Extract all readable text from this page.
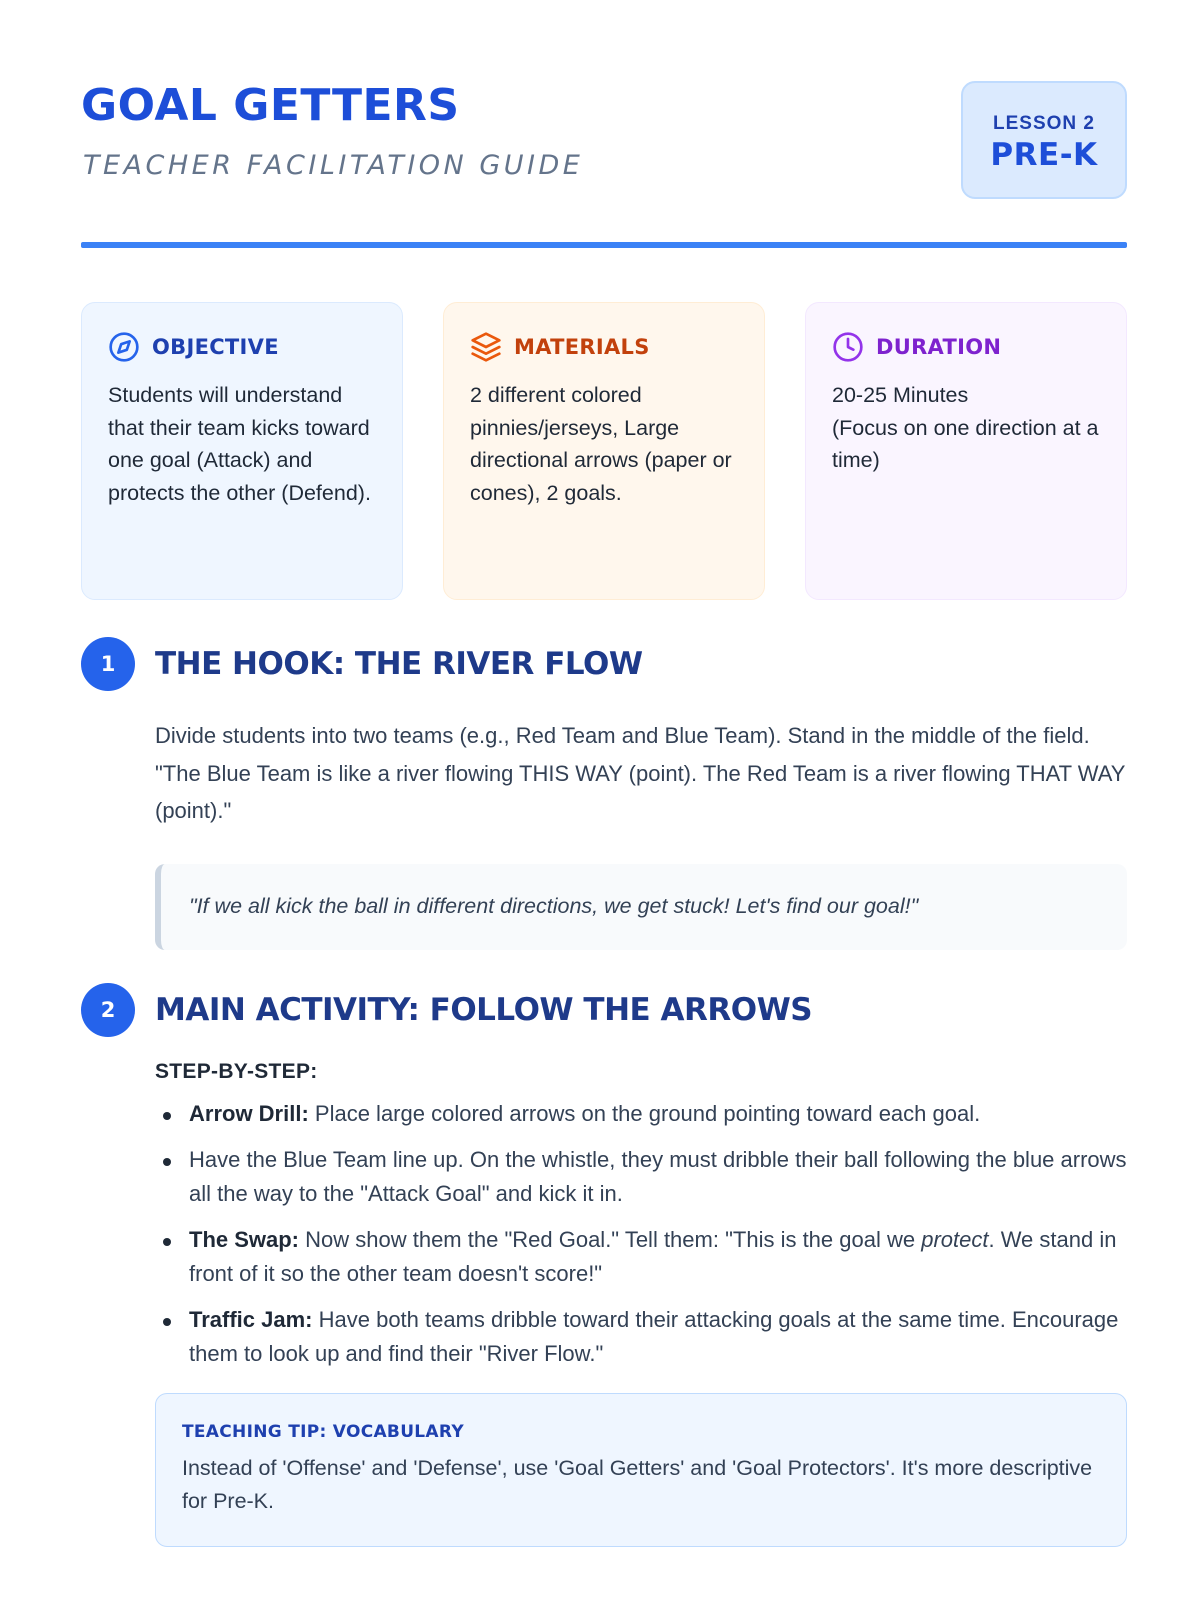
GOAL GETTERS
TEACHER FACILITATION GUIDE
LESSON 2
PRE-K
OBJECTIVE
Students will understand that their team kicks toward one goal (Attack) and protects the other (Defend).
MATERIALS
2 different colored pinnies/jerseys, Large directional arrows (paper or cones), 2 goals.
DURATION
20-25 Minutes
(Focus on one direction at a time)
1	THE HOOK: THE RIVER FLOW

Divide students into two teams (e.g., Red Team and Blue Team). Stand in the middle of the field. "The Blue Team is like a river flowing THIS WAY (point). The Red Team is a river flowing THAT WAY (point)."

"If we all kick the ball in different directions, we get stuck! Let's find our goal!"
2	MAIN ACTIVITY: FOLLOW THE ARROWS
STEP-BY-STEP:
Arrow Drill: Place large colored arrows on the ground pointing toward each goal.
Have the Blue Team line up. On the whistle, they must dribble their ball following the blue arrows all the way to the "Attack Goal" and kick it in.
The Swap: Now show them the "Red Goal." Tell them: "This is the goal we protect. We stand in front of it so the other team doesn't score!"
Traffic Jam: Have both teams dribble toward their attacking goals at the same time. Encourage them to look up and find their "River Flow."
TEACHING TIP: VOCABULARY
Instead of 'Offense' and 'Defense', use 'Goal Getters' and 'Goal Protectors'. It's more descriptive for Pre-K.
